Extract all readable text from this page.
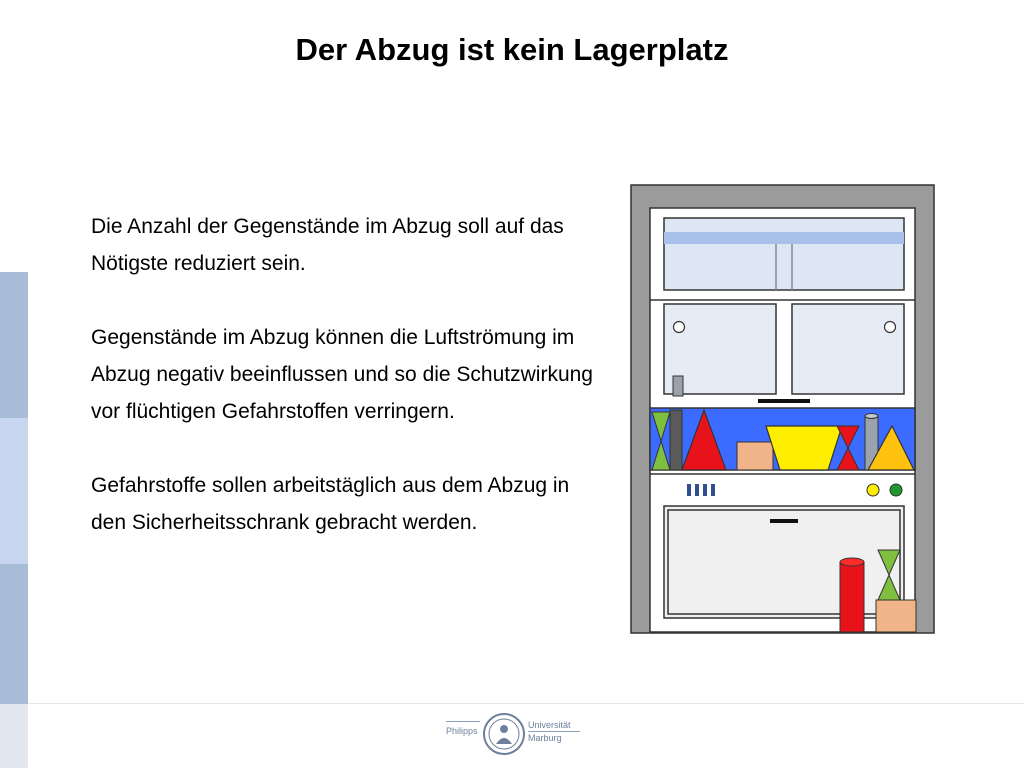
Der Abzug ist kein Lagerplatz

Die Anzahl der Gegenstände im Abzug soll auf das Nötigste reduziert sein.

Gegenstände im Abzug können die Luftströmung im Abzug negativ beeinflussen und so die Schutzwirkung vor flüchtigen Gefahrstoffen verringern.

Gefahrstoffe sollen arbeitstäglich aus dem Abzug in den Sicherheitsschrank gebracht werden.

Philipps
Universität
Marburg
